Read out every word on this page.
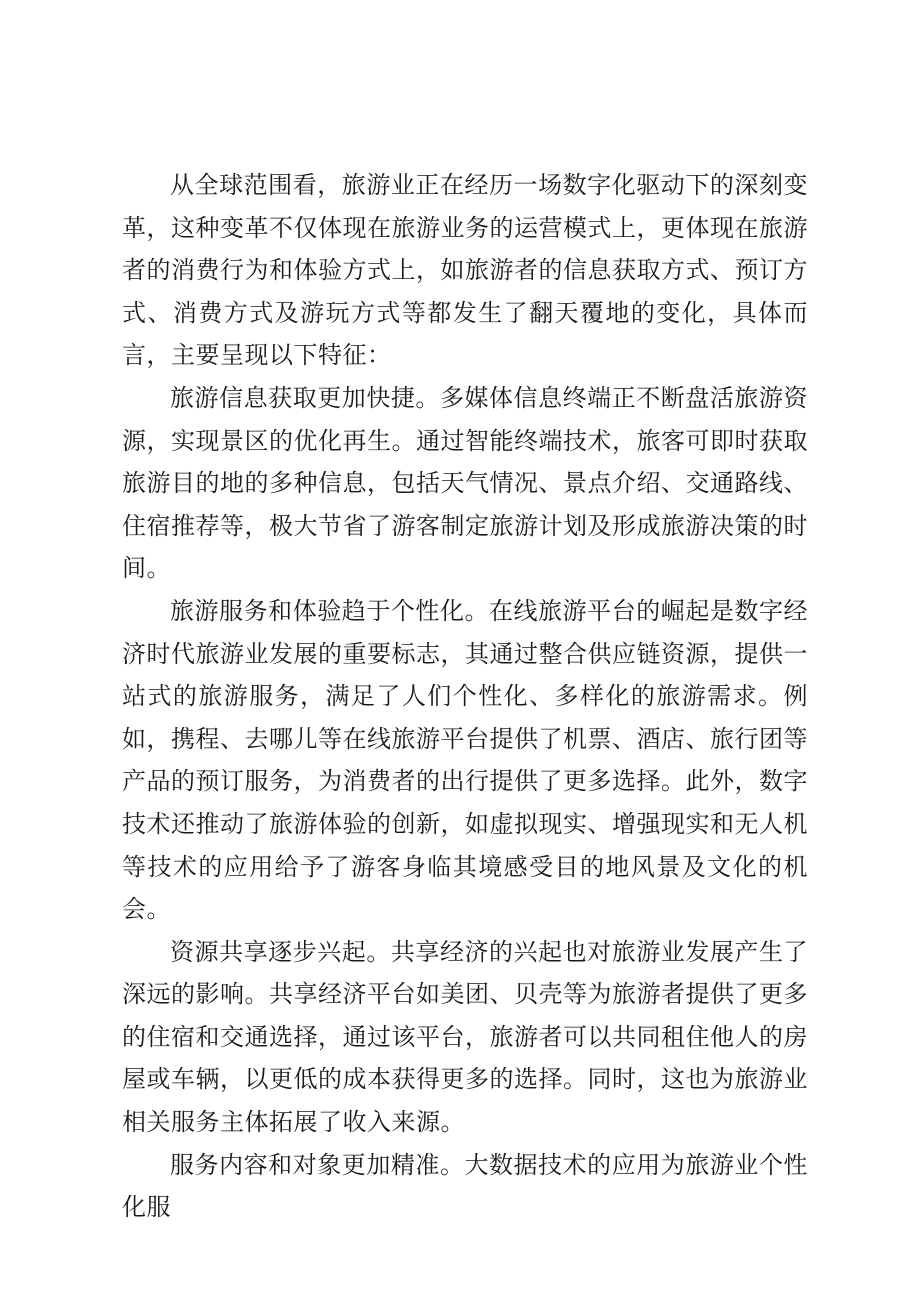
从全球范围看，旅游业正在经历一场数字化驱动下的深刻变革，这种变革不仅体现在旅游业务的运营模式上，更体现在旅游者的消费行为和体验方式上，如旅游者的信息获取方式、预订方式、消费方式及游玩方式等都发生了翻天覆地的变化，具体而言，主要呈现以下特征：

旅游信息获取更加快捷。多媒体信息终端正不断盘活旅游资源，实现景区的优化再生。通过智能终端技术，旅客可即时获取旅游目的地的多种信息，包括天气情况、景点介绍、交通路线、住宿推荐等，极大节省了游客制定旅游计划及形成旅游决策的时间。

旅游服务和体验趋于个性化。在线旅游平台的崛起是数字经济时代旅游业发展的重要标志，其通过整合供应链资源，提供一站式的旅游服务，满足了人们个性化、多样化的旅游需求。例如，携程、去哪儿等在线旅游平台提供了机票、酒店、旅行团等产品的预订服务，为消费者的出行提供了更多选择。此外，数字技术还推动了旅游体验的创新，如虚拟现实、增强现实和无人机等技术的应用给予了游客身临其境感受目的地风景及文化的机会。

资源共享逐步兴起。共享经济的兴起也对旅游业发展产生了深远的影响。共享经济平台如美团、贝壳等为旅游者提供了更多的住宿和交通选择，通过该平台，旅游者可以共同租住他人的房屋或车辆，以更低的成本获得更多的选择。同时，这也为旅游业相关服务主体拓展了收入来源。

服务内容和对象更加精准。大数据技术的应用为旅游业个性化服
